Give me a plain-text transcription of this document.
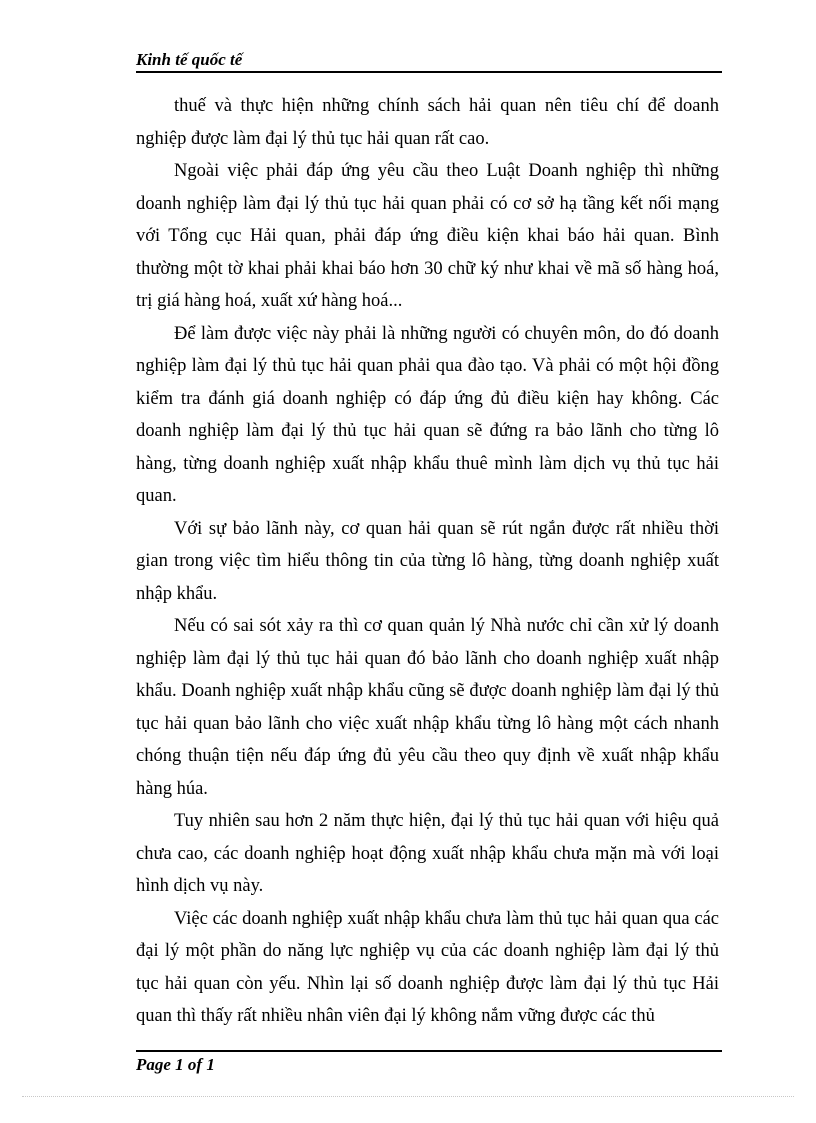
Kinh tế quốc tế

thuế và thực hiện những chính sách hải quan nên tiêu chí để doanh nghiệp được làm đại lý thủ tục hải quan rất cao.

Ngoài việc phải đáp ứng yêu cầu theo Luật Doanh nghiệp thì những doanh nghiệp làm đại lý thủ tục hải quan phải có cơ sở hạ tầng kết nối mạng với Tổng cục Hải quan, phải đáp ứng điều kiện khai báo hải quan. Bình thường một tờ khai phải khai báo hơn 30 chữ ký như khai về mã số hàng hoá, trị giá hàng hoá, xuất xứ hàng hoá...

Để làm được việc này phải là những người có chuyên môn, do đó doanh nghiệp làm đại lý thủ tục hải quan phải qua đào tạo. Và phải có một hội đồng kiểm tra đánh giá doanh nghiệp có đáp ứng đủ điều kiện hay không. Các doanh nghiệp làm đại lý thủ tục hải quan sẽ đứng ra bảo lãnh cho từng lô hàng, từng doanh nghiệp xuất nhập khẩu thuê mình làm dịch vụ thủ tục hải quan.

Với sự bảo lãnh này, cơ quan hải quan sẽ rút ngắn được rất nhiều thời gian trong việc tìm hiểu thông tin của từng lô hàng, từng doanh nghiệp xuất nhập khẩu.

Nếu có sai sót xảy ra thì cơ quan quản lý Nhà nước chỉ cần xử lý doanh nghiệp làm đại lý thủ tục hải quan đó bảo lãnh cho doanh nghiệp xuất nhập khẩu. Doanh nghiệp xuất nhập khẩu cũng sẽ được doanh nghiệp làm đại lý thủ tục hải quan bảo lãnh cho việc xuất nhập khẩu từng lô hàng một cách nhanh chóng thuận tiện nếu đáp ứng đủ yêu cầu theo quy định về xuất nhập khẩu hàng húa.

Tuy nhiên sau hơn 2 năm thực hiện, đại lý thủ tục hải quan với hiệu quả chưa cao, các doanh nghiệp hoạt động xuất nhập khẩu chưa mặn mà với loại hình dịch vụ này.

Việc các doanh nghiệp xuất nhập khẩu chưa làm thủ tục hải quan qua các đại lý một phần do năng lực nghiệp vụ của các doanh nghiệp làm đại lý thủ tục hải quan còn yếu. Nhìn lại số doanh nghiệp được làm đại lý thủ tục Hải quan thì thấy rất nhiều nhân viên đại lý không nắm vững được các thủ

Page 1 of 1
